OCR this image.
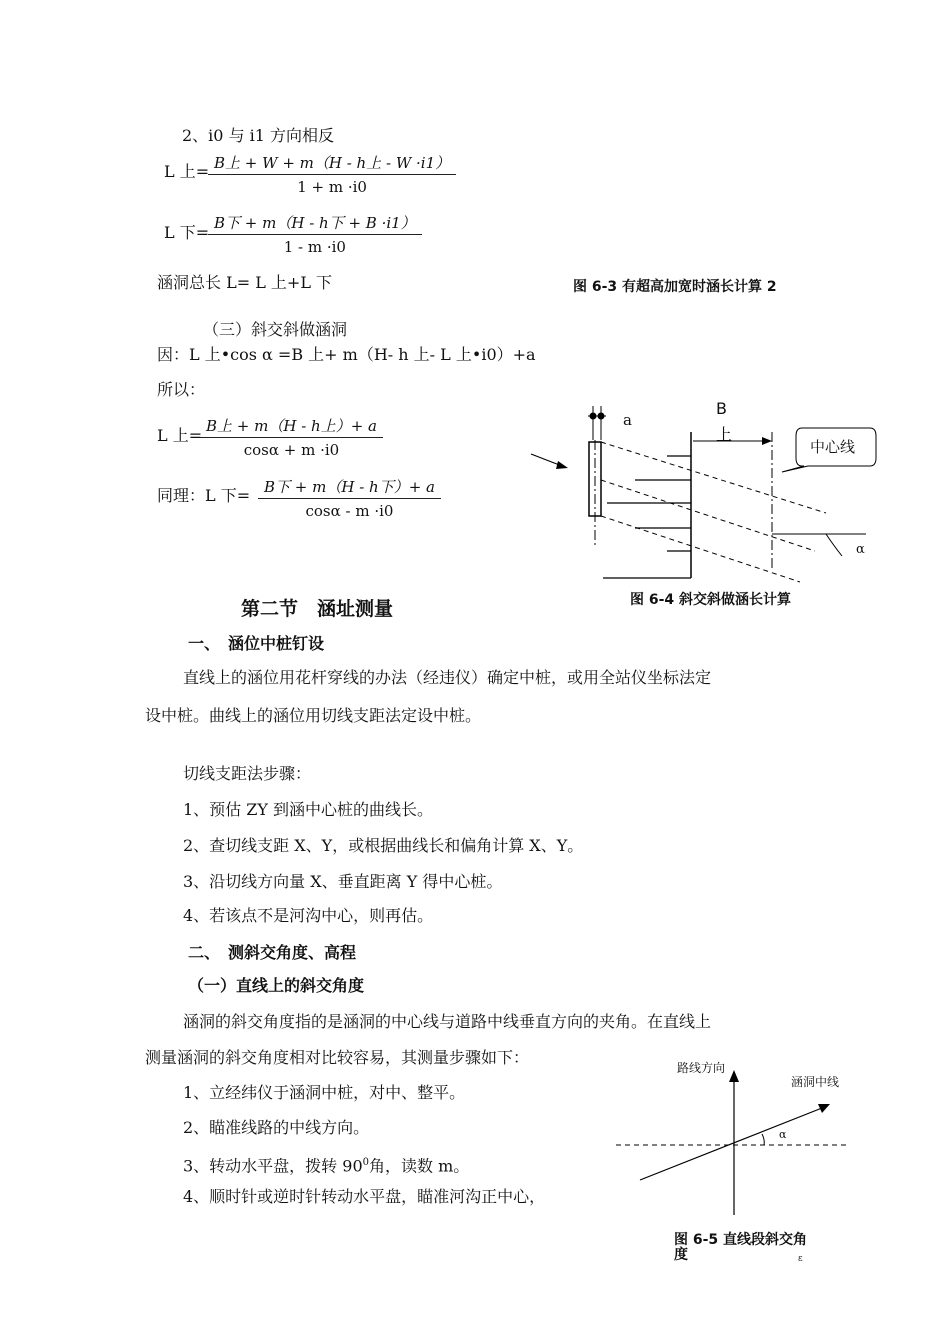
2、i0 与 i1 方向相反
L 上= B上 + W + m（H - h上 - W ·i1）
1 + m ·i0
L 下= B下 + m（H - h下 + B ·i1）
1 - m ·i0
涵洞总长 L= L 上+L 下	图 6-3 有超高加宽时涵长计算 2
（三）斜交斜做涵洞
因：L 上•cos α =B 上+ m（H- h 上- L 上•i0）+a
所以：
L 上= B上 + m（H - h上）+ a
cosα + m ·i0
同理：L 下= B下 + m（H - h下）+ a
cosα - m ·i0
a
B
上
中心线
α
图 6-4 斜交斜做涵长计算
第二节　涵址测量
一、　涵位中桩钉设
直线上的涵位用花杆穿线的办法（经违仪）确定中桩，或用全站仪坐标法定
设中桩。曲线上的涵位用切线支距法定设中桩。
切线支距法步骤：
1、预估 ZY 到涵中心桩的曲线长。
2、查切线支距 X、Y，或根据曲线长和偏角计算 X、Y。
3、沿切线方向量 X、垂直距离 Y 得中心桩。
4、若该点不是河沟中心，则再估。
二、　测斜交角度、高程
（一）直线上的斜交角度
涵洞的斜交角度指的是涵洞的中心线与道路中线垂直方向的夹角。在直线上
测量涵洞的斜交角度相对比较容易，其测量步骤如下：
1、立经纬仪于涵洞中桩，对中、整平。
2、瞄准线路的中线方向。
3、转动水平盘，拨转 $90^0$角，读数 m。
4、顺时针或逆时针转动水平盘，瞄准河沟正中心，
路线方向
涵洞中线
α
图 6-5 直线段斜交角
度	ε
